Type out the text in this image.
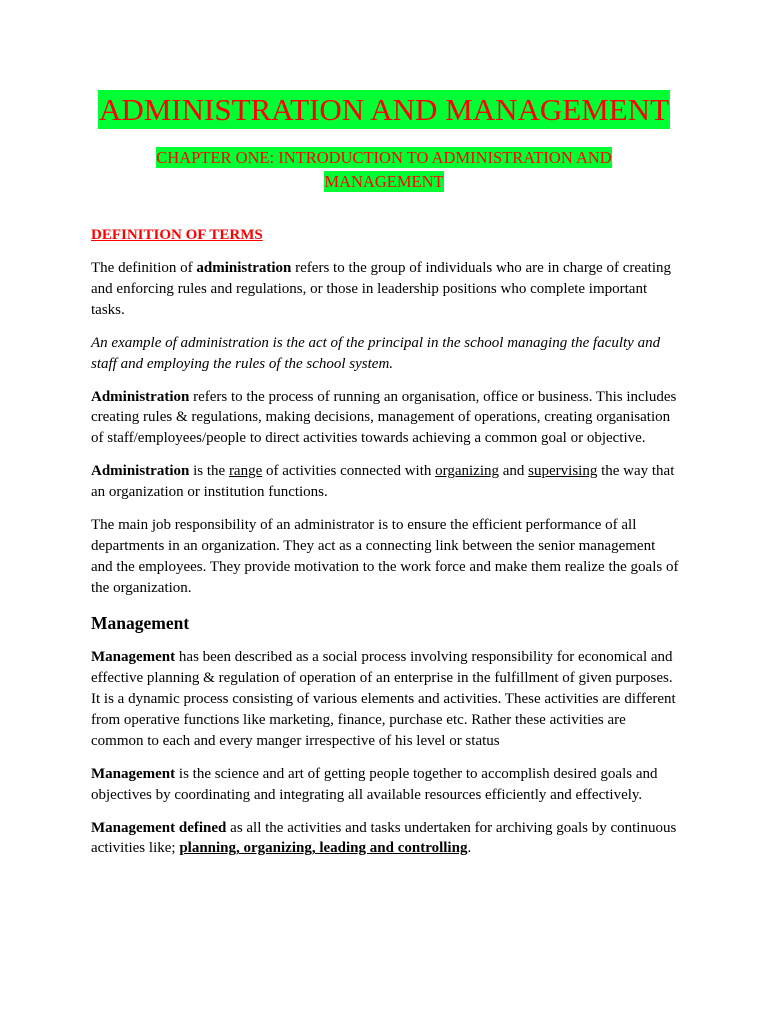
ADMINISTRATION AND MANAGEMENT
CHAPTER ONE: INTRODUCTION TO ADMINISTRATION AND
MANAGEMENT

DEFINITION OF TERMS

The definition of administration refers to the group of individuals who are in charge of creating and enforcing rules and regulations, or those in leadership positions who complete important tasks.

An example of administration is the act of the principal in the school managing the faculty and staff and employing the rules of the school system.

Administration refers to the process of running an organisation, office or business. This includes creating rules & regulations, making decisions, management of operations, creating organisation of staff/employees/people to direct activities towards achieving a common goal or objective.

Administration is the range of activities connected with organizing and supervising the way that an organization or institution functions.

The main job responsibility of an administrator is to ensure the efficient performance of all departments in an organization. They act as a connecting link between the senior management and the employees. They provide motivation to the work force and make them realize the goals of the organization.

Management

Management has been described as a social process involving responsibility for economical and effective planning & regulation of operation of an enterprise in the fulfillment of given purposes. It is a dynamic process consisting of various elements and activities. These activities are different from operative functions like marketing, finance, purchase etc. Rather these activities are common to each and every manger irrespective of his level or status

Management is the science and art of getting people together to accomplish desired goals and objectives by coordinating and integrating all available resources efficiently and effectively.

Management defined as all the activities and tasks undertaken for archiving goals by continuous activities like; planning, organizing, leading and controlling.
